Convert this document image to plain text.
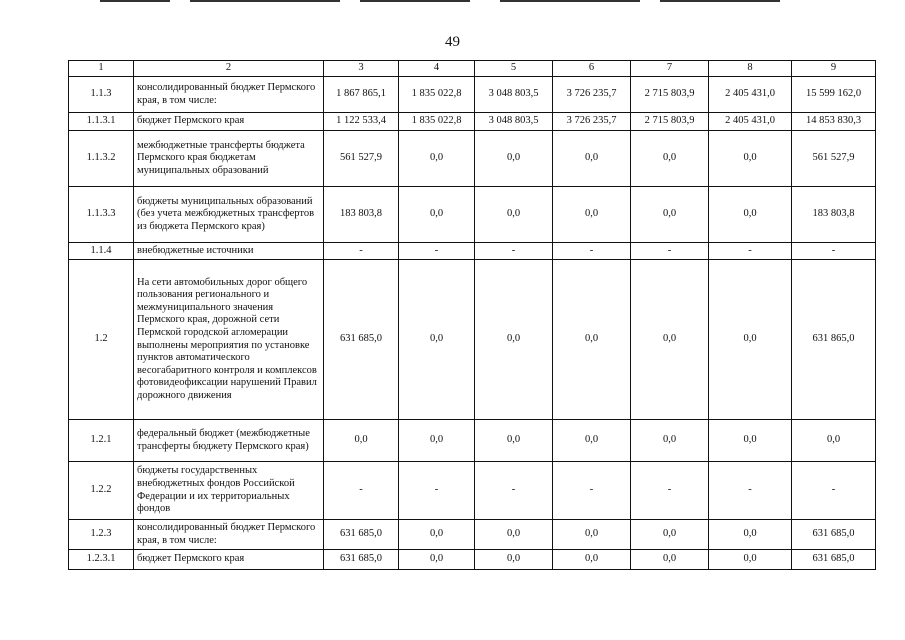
49
1	2	3	4	5	6	7	8	9
1.1.3	консолидированный бюджет Пермского края, в том числе:	1 867 865,1	1 835 022,8	3 048 803,5	3 726 235,7	2 715 803,9	2 405 431,0	15 599 162,0
1.1.3.1	бюджет Пермского края	1 122 533,4	1 835 022,8	3 048 803,5	3 726 235,7	2 715 803,9	2 405 431,0	14 853 830,3
1.1.3.2	межбюджетные трансферты бюджета Пермского края бюджетам муниципальных образований	561 527,9	0,0	0,0	0,0	0,0	0,0	561 527,9
1.1.3.3	бюджеты муниципальных образований (без учета межбюджетных трансфертов из бюджета Пермского края)	183 803,8	0,0	0,0	0,0	0,0	0,0	183 803,8
1.1.4	внебюджетные источники	-	-	-	-	-	-	-
1.2	На сети автомобильных дорог общего пользования регионального и межмуниципального значения Пермского края, дорожной сети Пермской городской агломерации выполнены мероприятия по установке пунктов автоматического весогабаритного контроля и комплексов фотовидеофиксации нарушений Правил дорожного движения	631 685,0	0,0	0,0	0,0	0,0	0,0	631 865,0
1.2.1	федеральный бюджет (межбюджетные трансферты бюджету Пермского края)	0,0	0,0	0,0	0,0	0,0	0,0	0,0
1.2.2	бюджеты государственных внебюджетных фондов Российской Федерации и их территориальных фондов	-	-	-	-	-	-	-
1.2.3	консолидированный бюджет Пермского края, в том числе:	631 685,0	0,0	0,0	0,0	0,0	0,0	631 685,0
1.2.3.1	бюджет Пермского края	631 685,0	0,0	0,0	0,0	0,0	0,0	631 685,0
